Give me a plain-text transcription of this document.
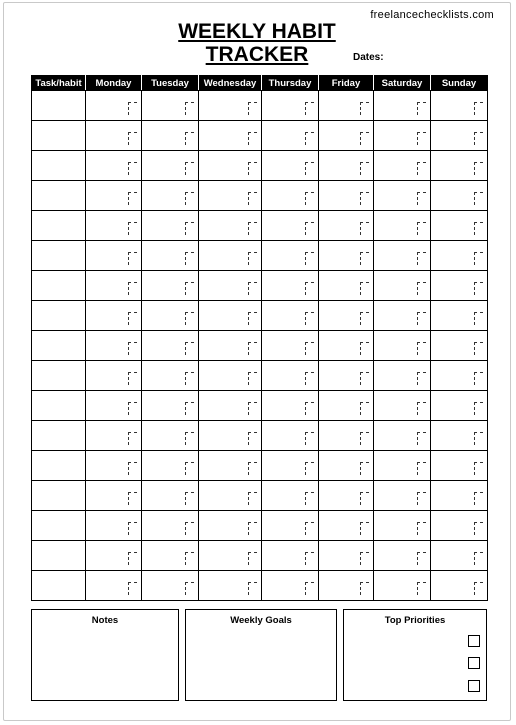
freelancechecklists.com
WEEKLY HABIT
TRACKER	Dates:
Task/habit	Monday	Tuesday	Wednesday	Thursday	Friday	Saturday	Sunday

Notes	Weekly Goals	Top Priorities
